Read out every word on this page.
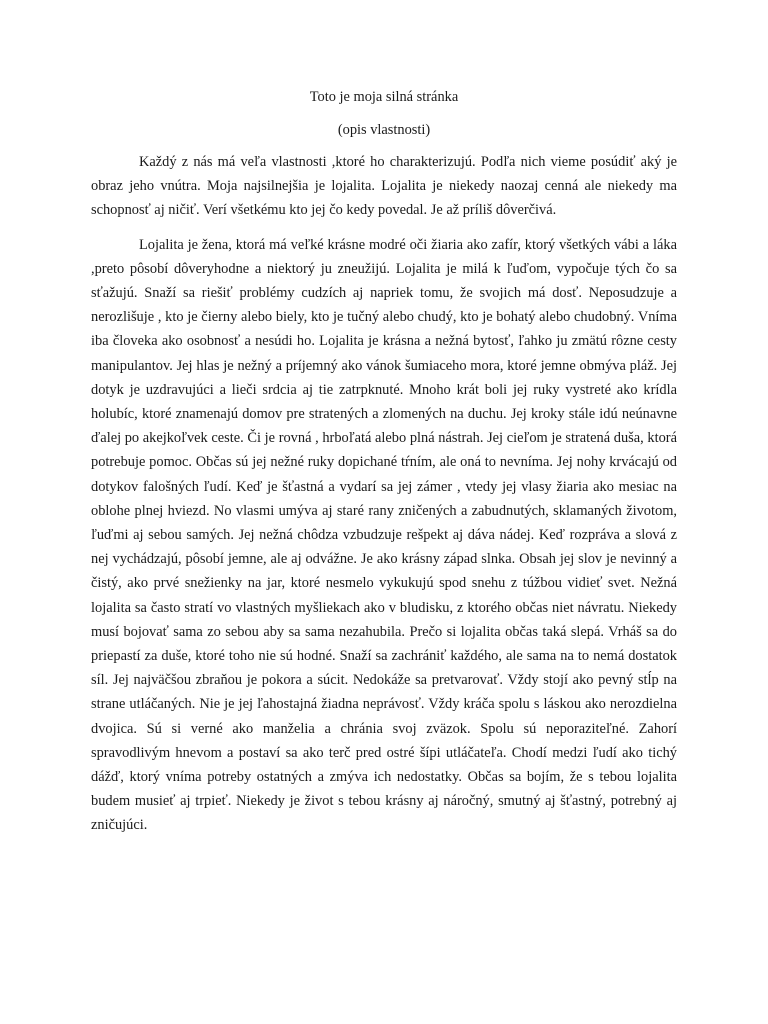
Toto je moja silná stránka
(opis vlastnosti)

Každý z nás má veľa vlastnosti ,ktoré ho charakterizujú. Podľa nich vieme posúdiť aký je obraz jeho vnútra. Moja najsilnejšia je lojalita. Lojalita je niekedy naozaj cenná ale niekedy ma schopnosť aj ničiť. Verí všetkému kto jej čo kedy povedal. Je až príliš dôverčivá.

Lojalita je žena, ktorá má veľké krásne modré oči žiaria ako zafír, ktorý všetkých vábi a láka ,preto pôsobí dôveryhodne a niektorý ju zneužijú. Lojalita je milá k ľuďom, vypočuje tých čo sa sťažujú. Snaží sa riešiť problémy cudzích aj napriek tomu, že svojich má dosť. Neposudzuje a nerozlišuje , kto je čierny alebo biely, kto je tučný alebo chudý, kto je bohatý alebo chudobný. Vníma iba človeka ako osobnosť a nesúdi ho. Lojalita je krásna a nežná bytosť, ľahko ju zmätú rôzne cesty manipulantov. Jej hlas je nežný a príjemný ako vánok šumiaceho mora, ktoré jemne obmýva pláž. Jej dotyk je uzdravujúci a lieči srdcia aj tie zatrpknuté. Mnoho krát boli jej ruky vystreté ako krídla holubíc, ktoré znamenajú domov pre stratených a zlomených na duchu. Jej kroky stále idú neúnavne ďalej po akejkoľvek ceste. Či je rovná , hrboľatá alebo plná nástrah. Jej cieľom je stratená duša, ktorá potrebuje pomoc. Občas sú jej nežné ruky dopichané tŕním, ale oná to nevníma. Jej nohy krvácajú od dotykov falošných ľudí. Keď je šťastná a vydarí sa jej zámer , vtedy jej vlasy žiaria ako mesiac na oblohe plnej hviezd. No vlasmi umýva aj staré rany zničených a zabudnutých, sklamaných životom, ľuďmi aj sebou samých. Jej nežná chôdza vzbudzuje rešpekt aj dáva nádej. Keď rozpráva a slová z nej vychádzajú, pôsobí jemne, ale aj odvážne. Je ako krásny západ slnka. Obsah jej slov je nevinný a čistý, ako prvé snežienky na jar, ktoré nesmelo vykukujú spod snehu z túžbou vidieť svet. Nežná lojalita sa často stratí vo vlastných myšliekach ako v bludisku, z ktorého občas niet návratu. Niekedy musí bojovať sama zo sebou aby sa sama nezahubila. Prečo si lojalita občas taká slepá. Vrháš sa do priepastí za duše, ktoré toho nie sú hodné. Snaží sa zachrániť každého, ale sama na to nemá dostatok síl. Jej najväčšou zbraňou je pokora a súcit. Nedokáže sa pretvarovať. Vždy stojí ako pevný stĺp na strane utláčaných. Nie je jej ľahostajná žiadna neprávosť. Vždy kráča spolu s láskou ako nerozdielna dvojica. Sú si verné ako manželia a chránia svoj zväzok. Spolu sú neporaziteľné. Zahorí spravodlivým hnevom a postaví sa ako terč pred ostré šípi utláčateľa. Chodí medzi ľudí ako tichý dážď, ktorý vníma potreby ostatných a zmýva ich nedostatky. Občas sa bojím, že s tebou lojalita budem musieť aj trpieť. Niekedy je život s tebou krásny aj náročný, smutný aj šťastný, potrebný aj zničujúci.
